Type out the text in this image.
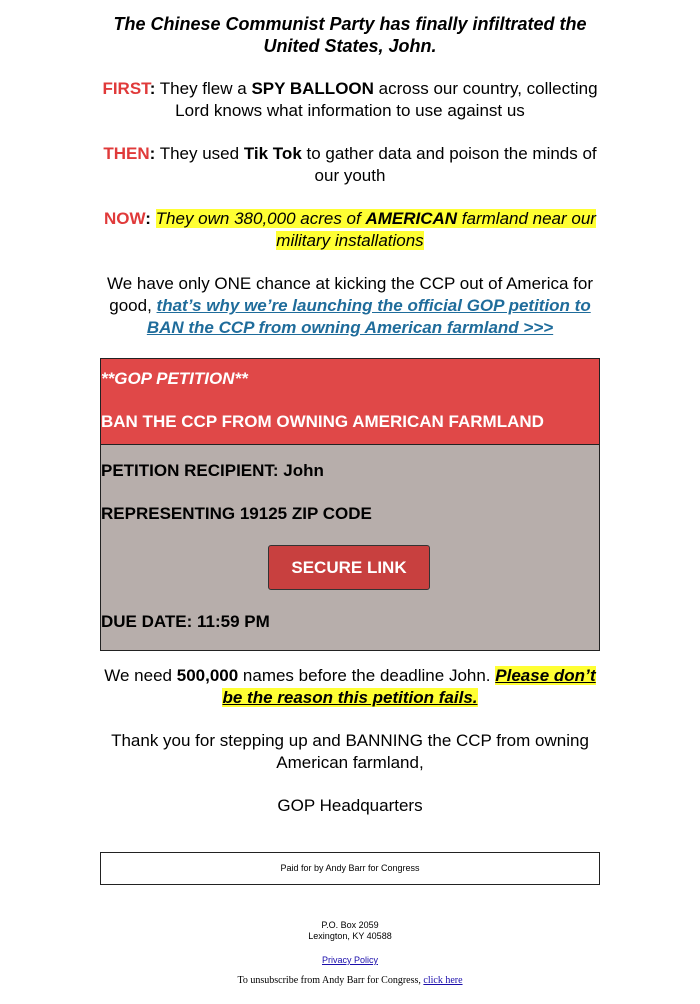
The Chinese Communist Party has finally infiltrated the United States, John.

FIRST: They flew a SPY BALLOON across our country, collecting Lord knows what information to use against us

THEN: They used Tik Tok to gather data and poison the minds of our youth

NOW: They own 380,000 acres of AMERICAN farmland near our military installations

We have only ONE chance at kicking the CCP out of America for good, that’s why we’re launching the official GOP petition to BAN the CCP from owning American farmland >>>

**GOP PETITION**
BAN THE CCP FROM OWNING AMERICAN FARMLAND
PETITION RECIPIENT: John
REPRESENTING 19125 ZIP CODE
SECURE LINK
DUE DATE: 11:59 PM

We need 500,000 names before the deadline John. Please don’t be the reason this petition fails.

Thank you for stepping up and BANNING the CCP from owning American farmland,

GOP Headquarters

Paid for by Andy Barr for Congress
P.O. Box 2059
Lexington, KY 40588
Privacy Policy
To unsubscribe from Andy Barr for Congress, click here
